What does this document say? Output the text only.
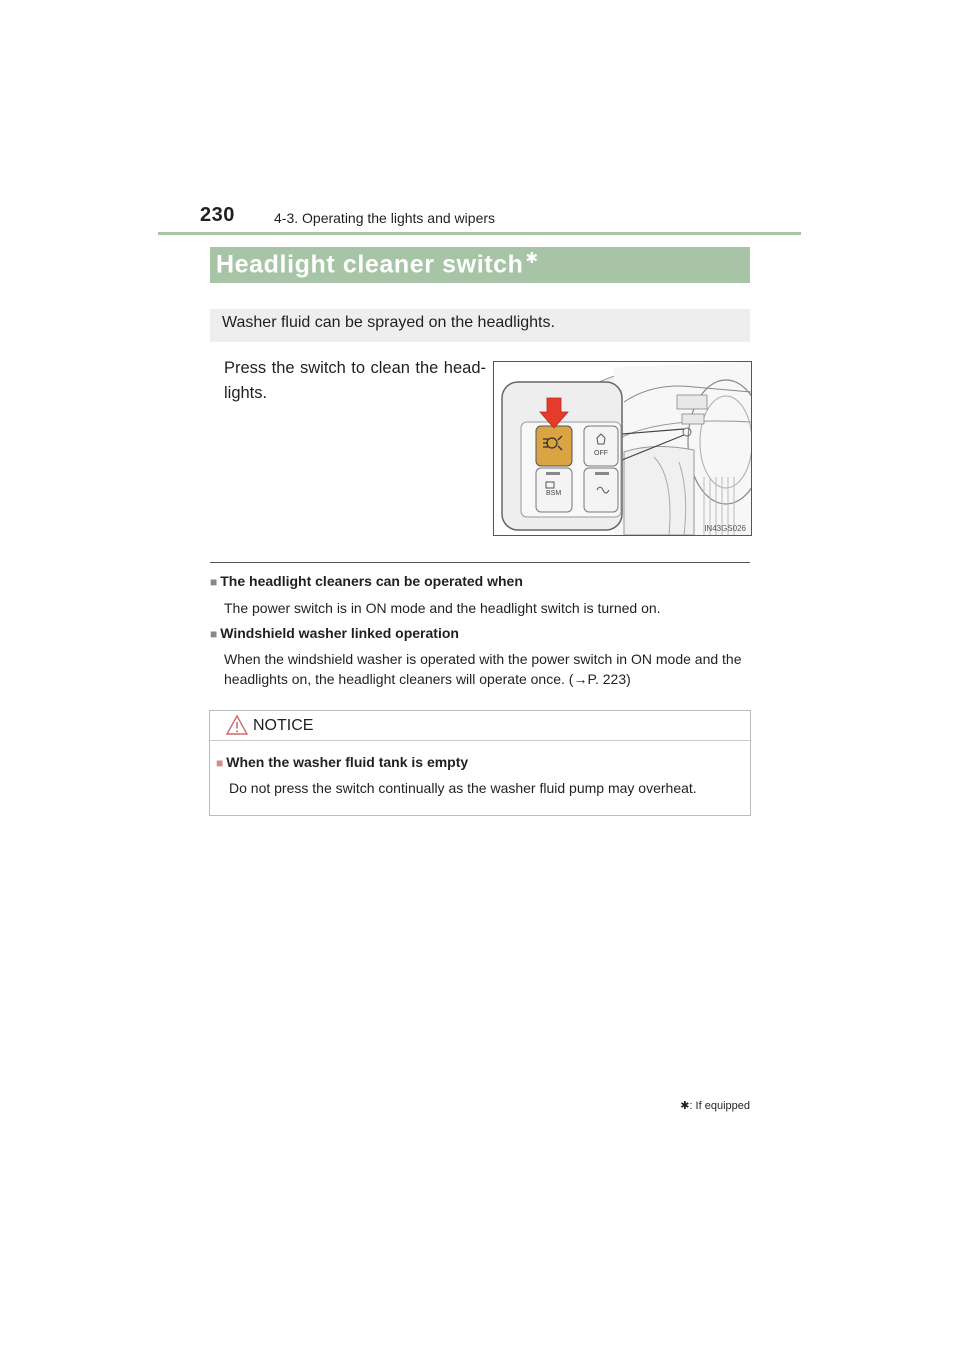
230	4-3. Operating the lights and wipers
Headlight cleaner switch ✱
Washer fluid can be sprayed on the headlights.
Press the switch to clean the head-lights.
BSM
OFF
IN43GS026
■ The headlight cleaners can be operated when
The power switch is in ON mode and the headlight switch is turned on.
■ Windshield washer linked operation
When the windshield washer is operated with the power switch in ON mode and the headlights on, the headlight cleaners will operate once. (→P. 223)
NOTICE
■ When the washer fluid tank is empty
Do not press the switch continually as the washer fluid pump may overheat.
✱: If equipped
